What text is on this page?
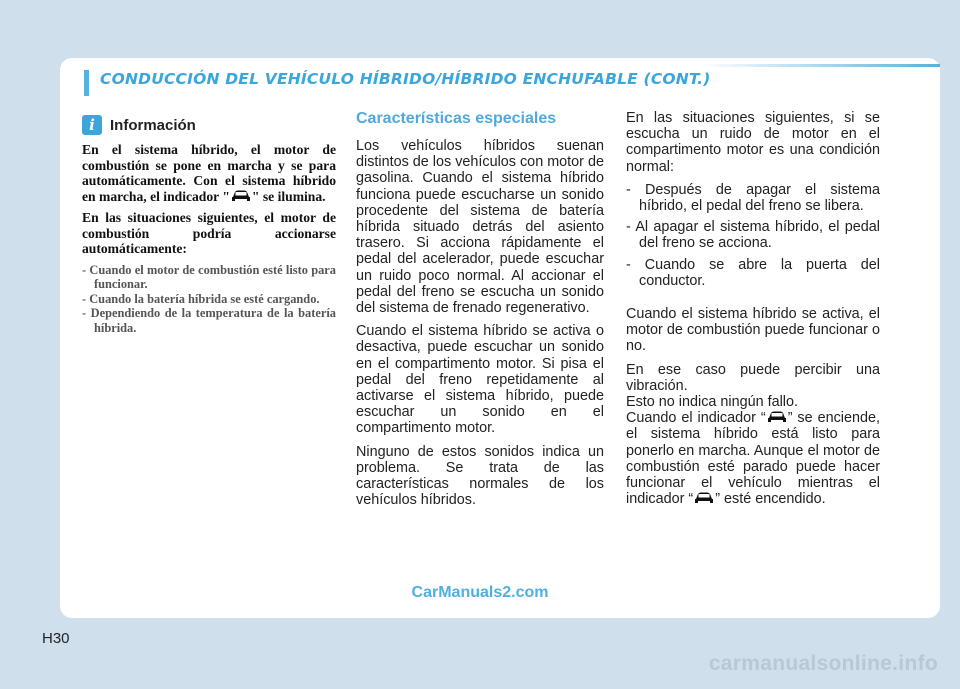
CONDUCCIÓN DEL VEHÍCULO HÍBRIDO/HÍBRIDO ENCHUFABLE (CONT.)
i	Información

En el sistema híbrido, el motor de combustión se pone en marcha y se para automáticamente. Con el sistema híbrido en marcha, el indicador " " se ilumina.

En las situaciones siguientes, el motor de combustión podría accionarse automáticamente:

- Cuando el motor de combustión esté listo para funcionar.
- Cuando la batería híbrida se esté cargando.
- Dependiendo de la temperatura de la batería híbrida.
Características especiales

Los vehículos híbridos suenan distintos de los vehículos con motor de gasolina. Cuando el sistema híbrido funciona puede escucharse un sonido procedente del sistema de batería híbrida situado detrás del asiento trasero. Si acciona rápidamente el pedal del acelerador, puede escuchar un ruido poco normal. Al accionar el pedal del freno se escucha un sonido del sistema de frenado regenerativo.

Cuando el sistema híbrido se activa o desactiva, puede escuchar un sonido en el compartimento motor. Si pisa el pedal del freno repetidamente al activarse el sistema híbrido, puede escuchar un sonido en el compartimento motor.

Ninguno de estos sonidos indica un problema. Se trata de las características normales de los vehículos híbridos.

En las situaciones siguientes, si se escucha un ruido de motor en el compartimento motor es una condición normal:

- Después de apagar el sistema híbrido, el pedal del freno se libera.
- Al apagar el sistema híbrido, el pedal del freno se acciona.
- Cuando se abre la puerta del conductor.

Cuando el sistema híbrido se activa, el motor de combustión puede funcionar o no.

En ese caso puede percibir una vibración.

Esto no indica ningún fallo.

Cuando el indicador “ ” se enciende, el sistema híbrido está listo para ponerlo en marcha. Aunque el motor de combustión esté parado puede hacer funcionar el vehículo mientras el indicador “ ” esté encendido.

CarManuals2.com
H30
carmanualsonline.info
